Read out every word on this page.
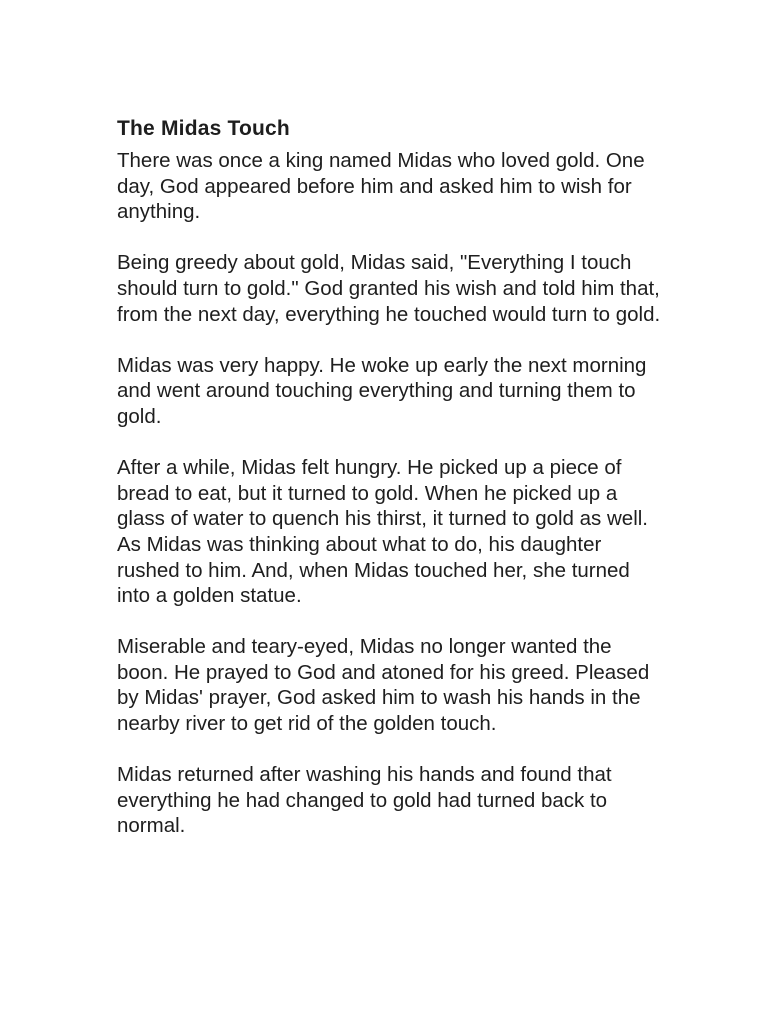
The Midas Touch

There was once a king named Midas who loved gold. One day, God appeared before him and asked him to wish for anything.

Being greedy about gold, Midas said, "Everything I touch should turn to gold." God granted his wish and told him that, from the next day, everything he touched would turn to gold.

Midas was very happy. He woke up early the next morning and went around touching everything and turning them to gold.

After a while, Midas felt hungry. He picked up a piece of bread to eat, but it turned to gold. When he picked up a glass of water to quench his thirst, it turned to gold as well. As Midas was thinking about what to do, his daughter rushed to him. And, when Midas touched her, she turned into a golden statue.

Miserable and teary-eyed, Midas no longer wanted the boon. He prayed to God and atoned for his greed. Pleased by Midas' prayer, God asked him to wash his hands in the nearby river to get rid of the golden touch.

Midas returned after washing his hands and found that everything he had changed to gold had turned back to normal.
